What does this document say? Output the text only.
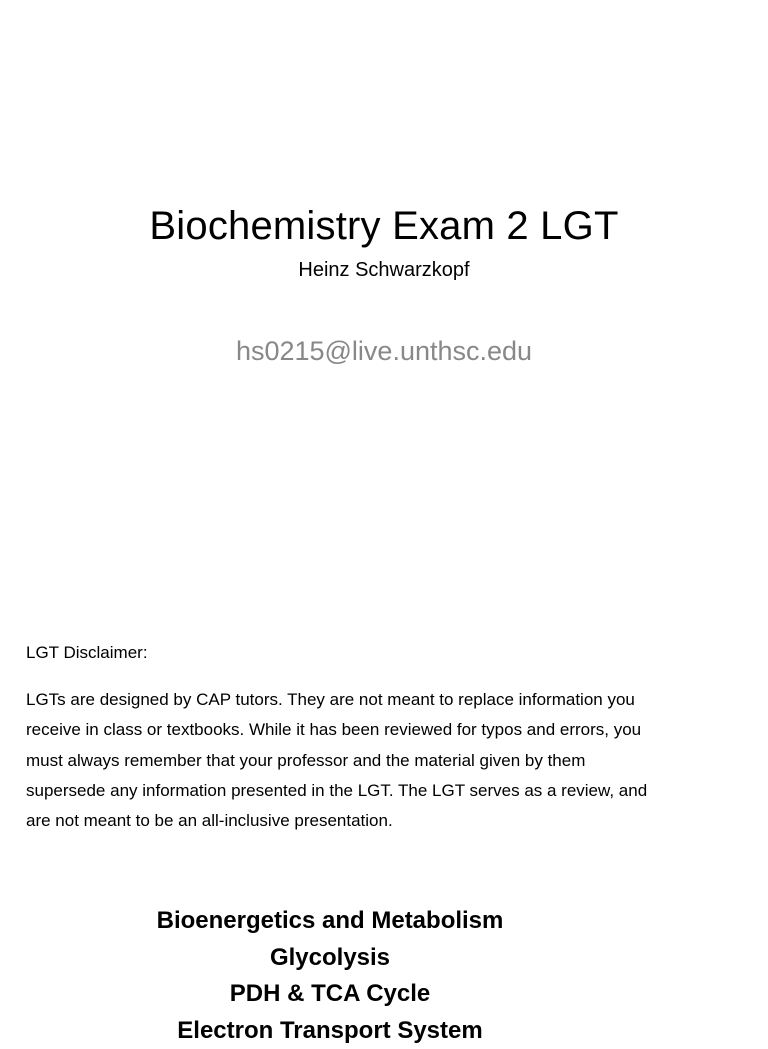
Biochemistry Exam 2 LGT
Heinz Schwarzkopf
hs0215@live.unthsc.edu
LGT Disclaimer:
LGTs are designed by CAP tutors. They are not meant to replace information you
receive in class or textbooks. While it has been reviewed for typos and errors, you
must always remember that your professor and the material given by them
supersede any information presented in the LGT. The LGT serves as a review, and
are not meant to be an all-inclusive presentation.
Bioenergetics and Metabolism
Glycolysis
PDH & TCA Cycle
Electron Transport System
